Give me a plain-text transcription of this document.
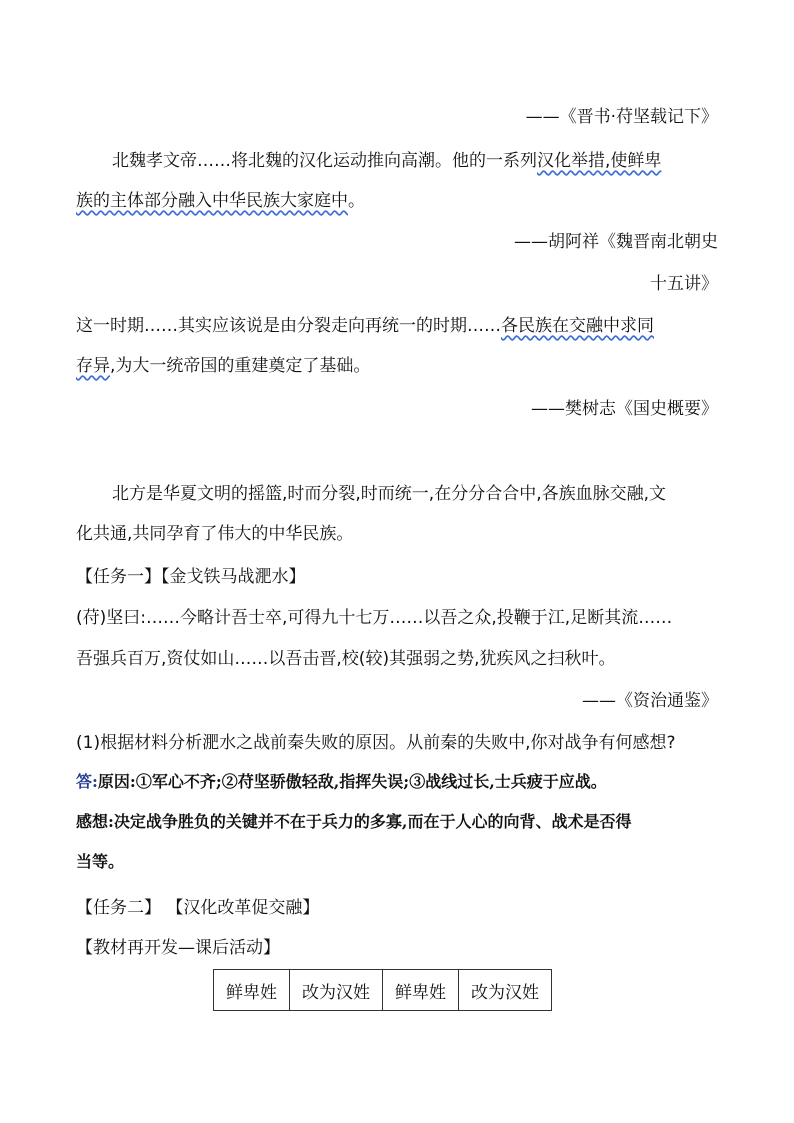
——《晋书·苻坚载记下》
北魏孝文帝……将北魏的汉化运动推向高潮。他的一系列汉化举措,使鲜卑
族的主体部分融入中华民族大家庭中。
——胡阿祥《魏晋南北朝史
十五讲》
这一时期……其实应该说是由分裂走向再统一的时期……各民族在交融中求同
存异,为大一统帝国的重建奠定了基础。
——樊树志《国史概要》
北方是华夏文明的摇篮,时而分裂,时而统一,在分分合合中,各族血脉交融,文
化共通,共同孕育了伟大的中华民族。
【任务一】【金戈铁马战淝水】
(苻)坚曰:……今略计吾士卒,可得九十七万……以吾之众,投鞭于江,足断其流……
吾强兵百万,资仗如山……以吾击晋,校(较)其强弱之势,犹疾风之扫秋叶。
——《资治通鉴》
(1)根据材料分析淝水之战前秦失败的原因。从前秦的失败中,你对战争有何感想?
答:原因:①军心不齐;②苻坚骄傲轻敌,指挥失误;③战线过长,士兵疲于应战。
感想:决定战争胜负的关键并不在于兵力的多寡,而在于人心的向背、战术是否得
当等。
【任务二】 【汉化改革促交融】
【教材再开发—课后活动】
鲜卑姓	改为汉姓	鲜卑姓	改为汉姓
